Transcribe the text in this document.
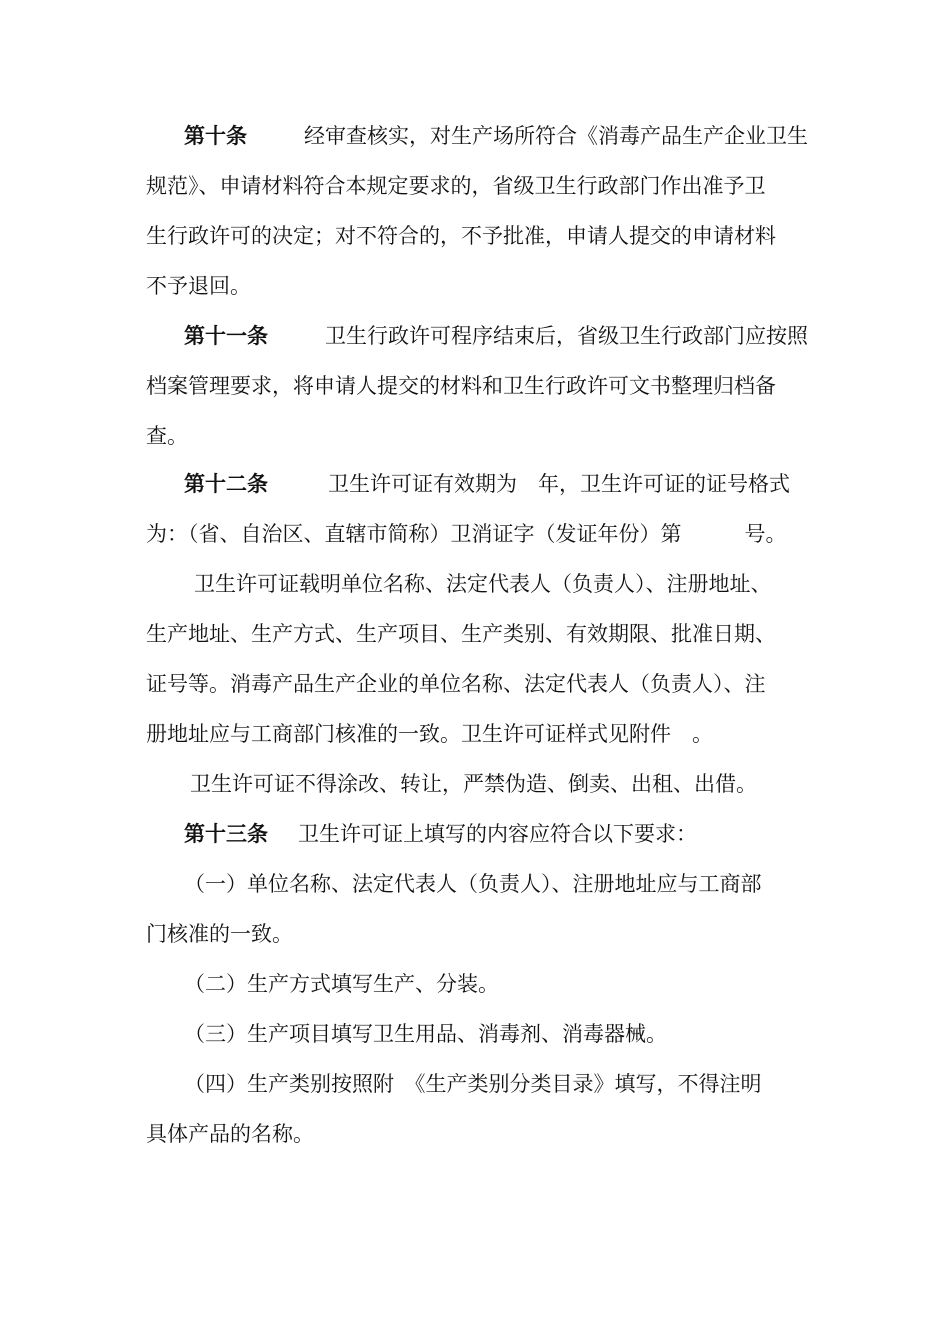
第十条	经审查核实，对生产场所符合《消毒产品生产企业卫生
规范》、申请材料符合本规定要求的，省级卫生行政部门作出准予卫
生行政许可的决定；对不符合的，不予批准，申请人提交的申请材料
不予退回。
第十一条	卫生行政许可程序结束后，省级卫生行政部门应按照
档案管理要求，将申请人提交的材料和卫生行政许可文书整理归档备
查。
第十二条	卫生许可证有效期为　年，卫生许可证的证号格式
为：（省、自治区、直辖市简称）卫消证字（发证年份）第　　　号。
卫生许可证载明单位名称、法定代表人（负责人）、注册地址、
生产地址、生产方式、生产项目、生产类别、有效期限、批准日期、
证号等。消毒产品生产企业的单位名称、法定代表人（负责人）、注
册地址应与工商部门核准的一致。卫生许可证样式见附件　。
卫生许可证不得涂改、转让，严禁伪造、倒卖、出租、出借。
第十三条 卫生许可证上填写的内容应符合以下要求：
（一）单位名称、法定代表人（负责人）、注册地址应与工商部
门核准的一致。
（二）生产方式填写生产、分装。
（三）生产项目填写卫生用品、消毒剂、消毒器械。
（四）生产类别按照附　《生产类别分类目录》填写，不得注明
具体产品的名称。
